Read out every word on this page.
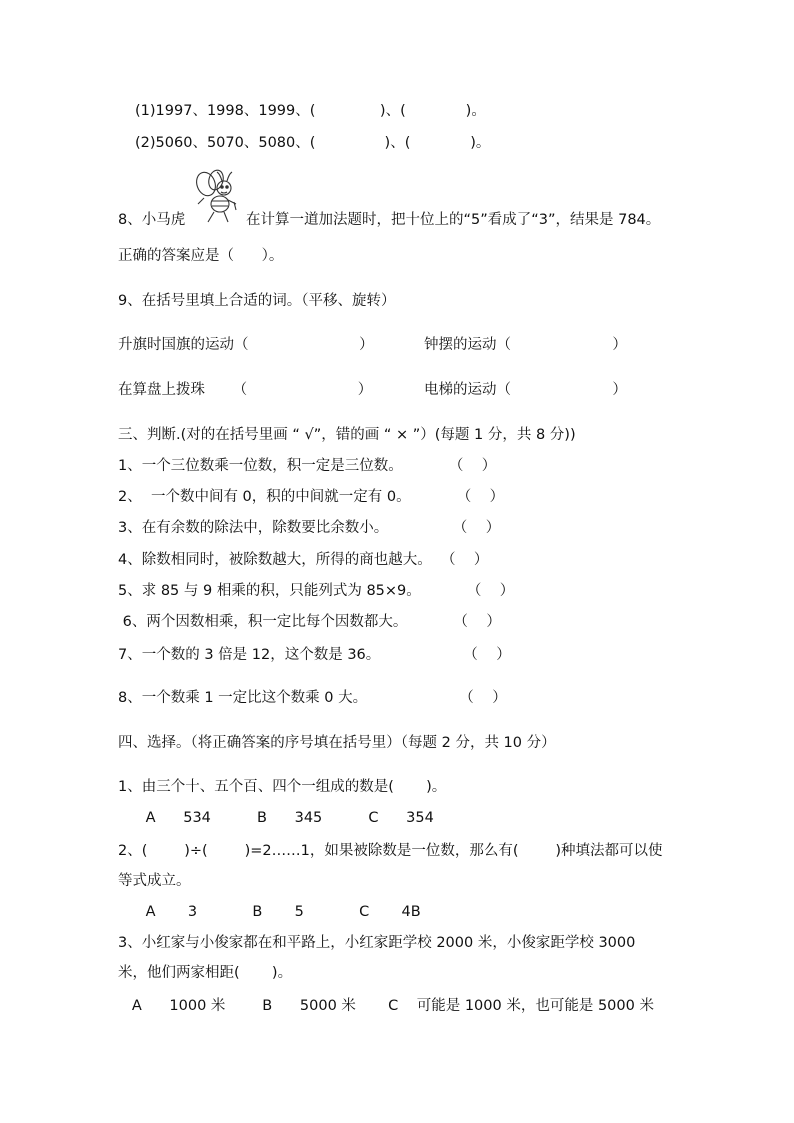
(1)1997、1998、1999、(              )、(             )。
(2)5060、5070、5080、(               )、(             )。
8、小马虎	在计算一道加法题时，把十位上的“5”看成了“3”，结果是 784。
正确的答案应是（      ）。
9、在括号里填上合适的词。（平移、旋转）
升旗时国旗的运动（                        ）	钟摆的运动（                      ）
在算盘上拨珠      （                        ）	电梯的运动（                      ）
三、判断.(对的在括号里画 “ √”，错的画 “ × ”）(每题 1 分，共 8 分))
1、一个三位数乘一位数，积一定是三位数。          （    ）
2、  一个数中间有 0，积的中间就一定有 0。          （    ）
3、在有余数的除法中，除数要比余数小。              （    ）
4、除数相同时，被除数越大，所得的商也越大。  （    ）
5、求 85 与 9 相乘的积，只能列式为 85×9。          （    ）
6、两个因数相乘，积一定比每个因数都大。          （    ）
7、一个数的 3 倍是 12，这个数是 36。                  （    ）
8、一个数乘 1 一定比这个数乘 0 大。                    （    ）
四、选择。（将正确答案的序号填在括号里）（每题 2 分，共 10 分）
1、由三个十、五个百、四个一组成的数是(       )。
A      534          B      345          C      354
2、(        )÷(        )=2……1，如果被除数是一位数，那么有(        )种填法都可以使
等式成立。
A       3            B       5            C       4B
3、小红家与小俊家都在和平路上，小红家距学校 2000 米，小俊家距学校 3000
米，他们两家相距(       )。
A      1000 米        B      5000 米       C    可能是 1000 米，也可能是 5000 米
